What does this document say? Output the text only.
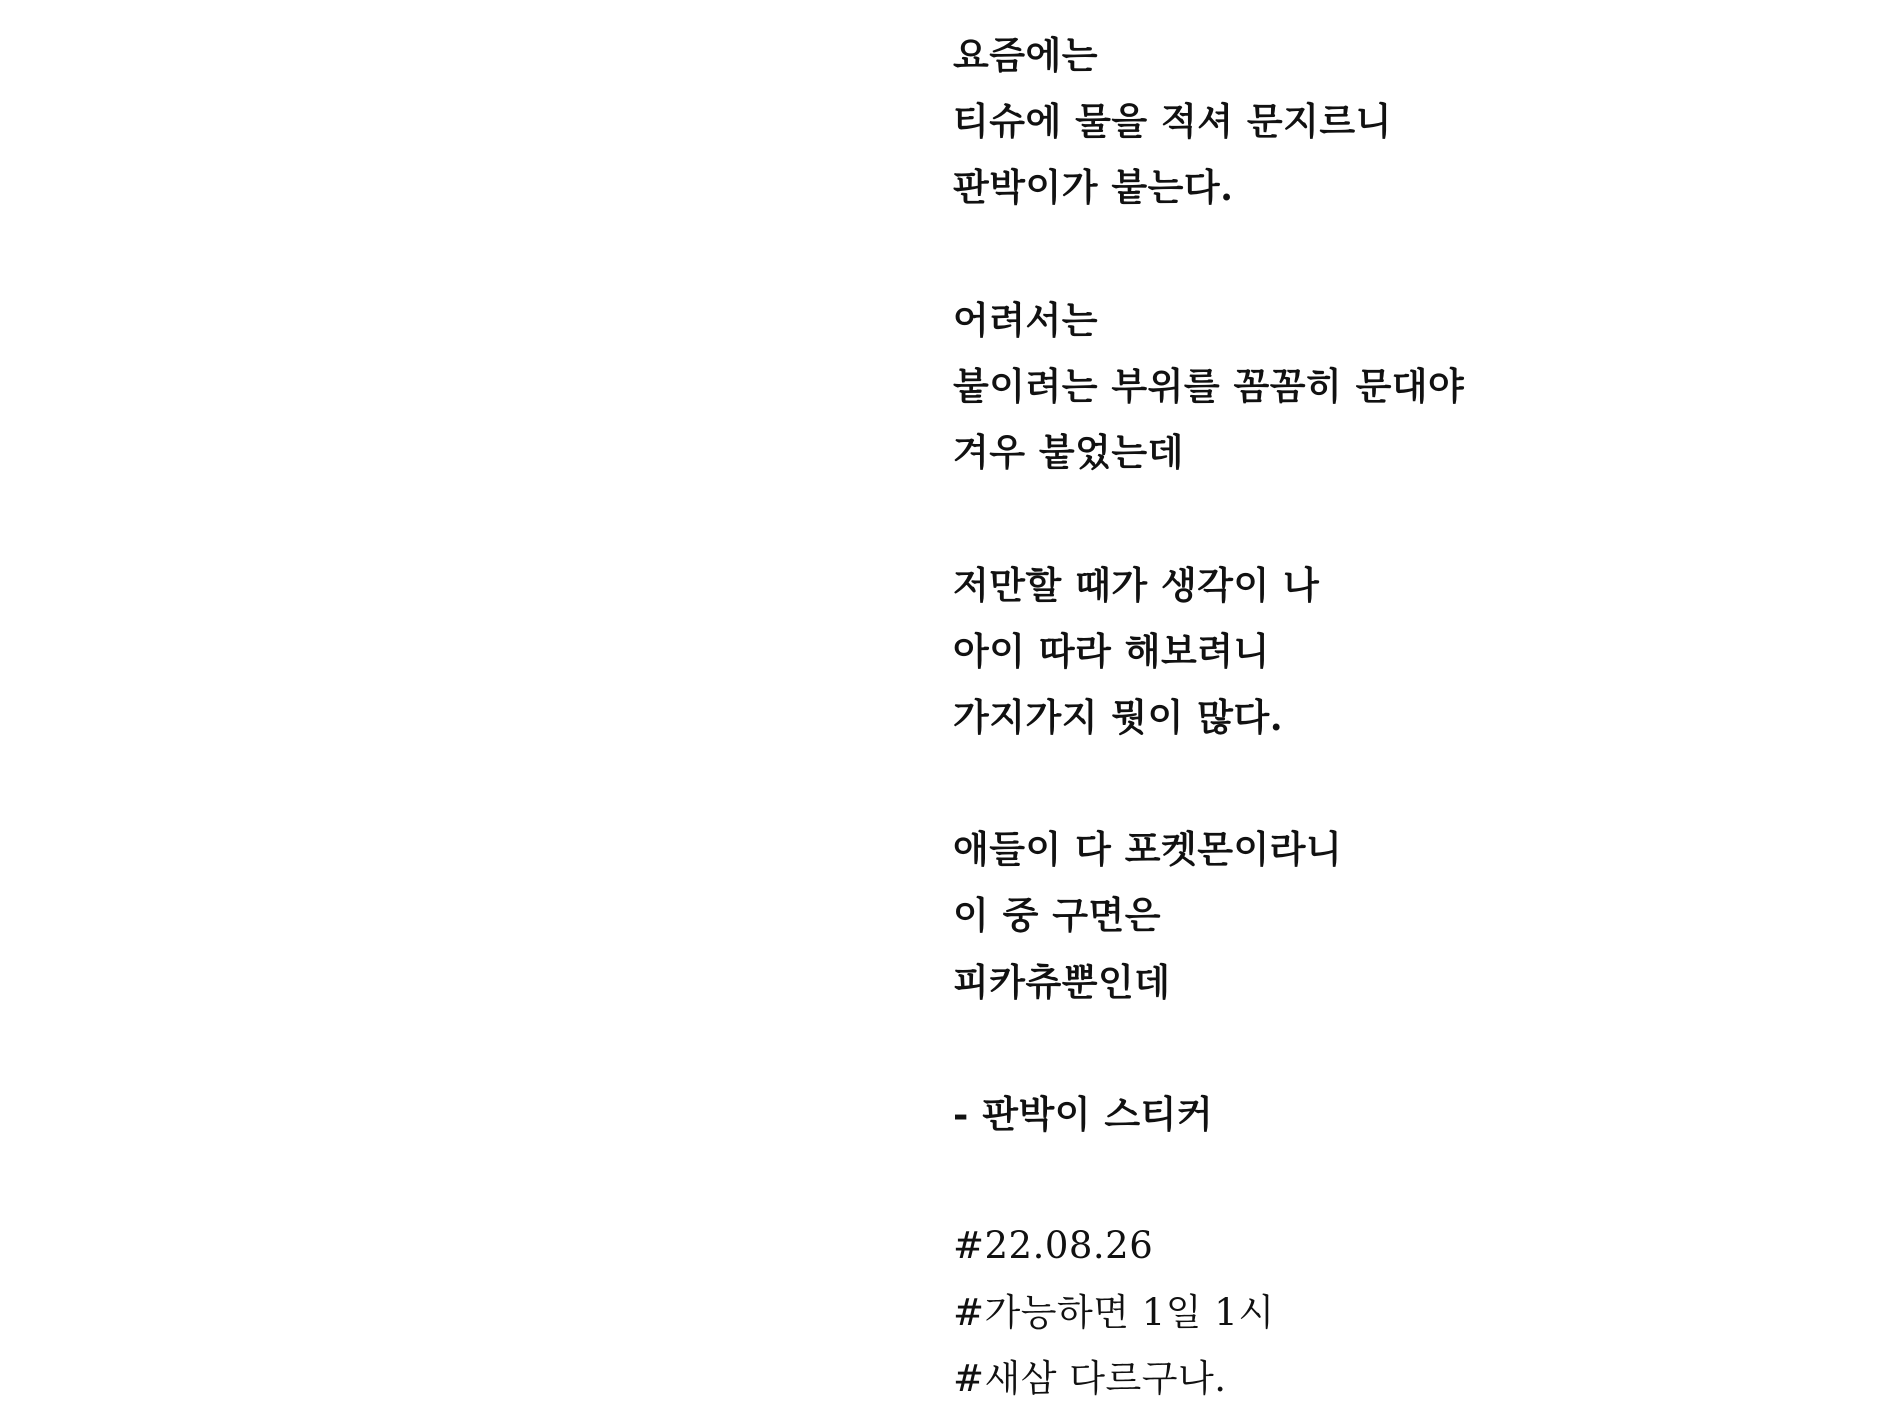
요즘에는
티슈에 물을 적셔 문지르니
판박이가 붙는다.
어려서는
붙이려는 부위를 꼼꼼히 문대야
겨우 붙었는데
저만할 때가 생각이 나
아이 따라 해보려니
가지가지 뭣이 많다.
애들이 다 포켓몬이라니
이 중 구면은
피카츄뿐인데
- 판박이 스티커
#22.08.26
#가능하면 1일 1시
#새삼 다르구나.
